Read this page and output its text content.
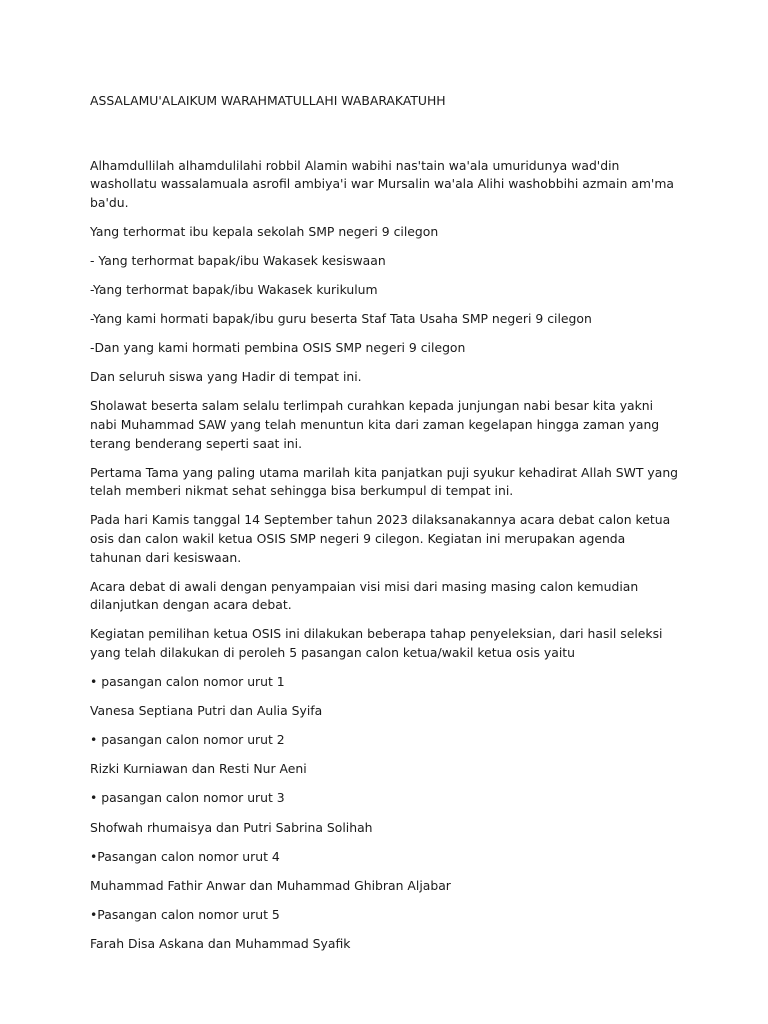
ASSALAMU'ALAIKUM WARAHMATULLAHI WABARAKATUHH

Alhamdullilah alhamdulilahi robbil Alamin wabihi nas'tain wa'ala umuridunya wad'din washollatu wassalamuala asrofil ambiya'i war Mursalin wa'ala Alihi washobbihi azmain am'ma ba'du.

Yang terhormat ibu kepala sekolah SMP negeri 9 cilegon

- Yang terhormat bapak/ibu Wakasek kesiswaan

-Yang terhormat bapak/ibu Wakasek kurikulum

-Yang kami hormati bapak/ibu guru beserta Staf Tata Usaha SMP negeri 9 cilegon

-Dan yang kami hormati pembina OSIS SMP negeri 9 cilegon

Dan seluruh siswa yang Hadir di tempat ini.

Sholawat beserta salam selalu terlimpah curahkan kepada junjungan nabi besar kita yakni nabi Muhammad SAW yang telah menuntun kita dari zaman kegelapan hingga zaman yang terang benderang seperti saat ini.

Pertama Tama yang paling utama marilah kita panjatkan puji syukur kehadirat Allah SWT yang telah memberi nikmat sehat sehingga bisa berkumpul di tempat ini.

Pada hari Kamis tanggal 14 September tahun 2023 dilaksanakannya acara debat calon ketua osis dan calon wakil ketua OSIS SMP negeri 9 cilegon. Kegiatan ini merupakan agenda tahunan dari kesiswaan.

Acara debat di awali dengan penyampaian visi misi dari masing masing calon kemudian dilanjutkan dengan acara debat.

Kegiatan pemilihan ketua OSIS ini dilakukan beberapa tahap penyeleksian, dari hasil seleksi yang telah dilakukan di peroleh 5 pasangan calon ketua/wakil ketua osis yaitu

• pasangan calon nomor urut 1

Vanesa Septiana Putri dan Aulia Syifa

• pasangan calon nomor urut 2

Rizki Kurniawan dan Resti Nur Aeni

• pasangan calon nomor urut 3

Shofwah rhumaisya dan Putri Sabrina Solihah

•Pasangan calon nomor urut 4

Muhammad Fathir Anwar dan Muhammad Ghibran Aljabar

•Pasangan calon nomor urut 5

Farah Disa Askana dan Muhammad Syafik
